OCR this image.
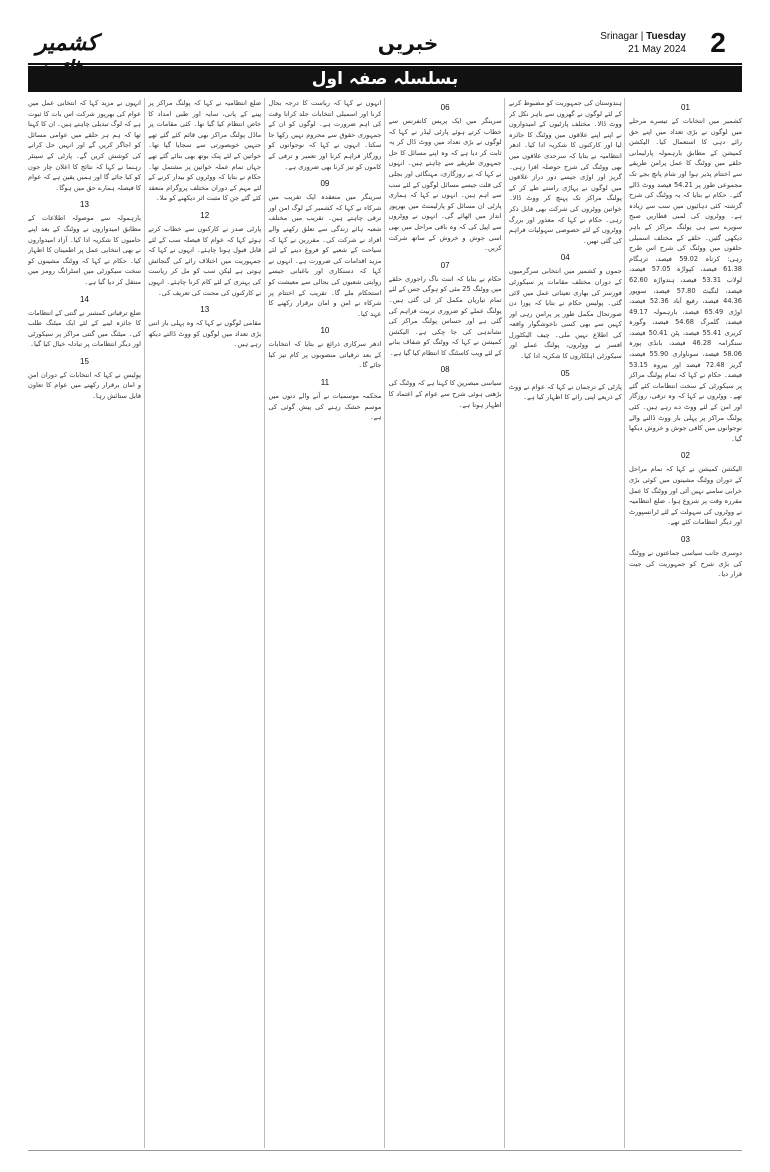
کشمیر	خبریں	Srinagar | Tuesday
21 May 2024 2
بسلسلہ صفہ اول
01

کشمیر میں انتخابات کے تیسرے مرحلے میں لوگوں نے بڑی تعداد میں اپنے حق رائے دہی کا استعمال کیا۔ الیکشن کمیشن کے مطابق بارہمولہ پارلیمانی حلقے میں ووٹنگ کا عمل پرامن طریقے سے اختتام پذیر ہوا اور شام پانچ بجے تک مجموعی طور پر 54.21 فیصد ووٹ ڈالے گئے۔ حکام نے بتایا کہ یہ ووٹنگ کی شرح گزشتہ کئی دہائیوں میں سب سے زیادہ ہے۔ ووٹروں کی لمبی قطاریں صبح سویرے سے ہی پولنگ مراکز کے باہر دیکھی گئیں۔ حلقے کے مختلف اسمبلی حلقوں میں ووٹنگ کی شرح اس طرح رہی: کرناہ 59.02 فیصد، ترہگام 61.38 فیصد، کپواڑہ 57.05 فیصد، لولاب 53.31 فیصد، ہندواڑہ 62.60 فیصد، لنگیٹ 57.80 فیصد، سوپور 44.36 فیصد، رفیع آباد 52.36 فیصد، اوڑی 65.49 فیصد، بارہمولہ 49.17 فیصد، گلمرگ 54.68 فیصد، وگورہ کریری 55.41 فیصد، پٹن 50.41 فیصد، سنگرامہ 46.28 فیصد، بانڈی پورہ 58.06 فیصد، سوناواری 55.90 فیصد، گریز 72.48 فیصد اور بیروہ 53.15 فیصد۔ حکام نے کہا کہ تمام پولنگ مراکز پر سیکورٹی کے سخت انتظامات کئے گئے تھے۔ ووٹروں نے کہا کہ وہ ترقی، روزگار اور امن کے لئے ووٹ دے رہے ہیں۔ کئی پولنگ مراکز پر پہلی بار ووٹ ڈالنے والے نوجوانوں میں کافی جوش و خروش دیکھا گیا۔

02

الیکشن کمیشن نے کہا کہ تمام مراحل کے دوران ووٹنگ مشینوں میں کوئی بڑی خرابی سامنے نہیں آئی اور ووٹنگ کا عمل مقررہ وقت پر شروع ہوا۔ ضلع انتظامیہ نے ووٹروں کی سہولت کے لئے ٹرانسپورٹ اور دیگر انتظامات کئے تھے۔

03

دوسری جانب سیاسی جماعتوں نے ووٹنگ کی بڑی شرح کو جمہوریت کی جیت قرار دیا۔

ہندوستان کی جمہوریت کو مضبوط کرنے کے لئے لوگوں نے گھروں سے باہر نکل کر ووٹ ڈالا۔ مختلف پارٹیوں کے امیدواروں نے اپنے اپنے علاقوں میں ووٹنگ کا جائزہ لیا اور کارکنوں کا شکریہ ادا کیا۔ ادھر انتظامیہ نے بتایا کہ سرحدی علاقوں میں بھی ووٹنگ کی شرح حوصلہ افزا رہی۔ گریز اور اوڑی جیسے دور دراز علاقوں میں لوگوں نے پہاڑی راستے طے کر کے پولنگ مراکز تک پہنچ کر ووٹ ڈالا۔ خواتین ووٹروں کی شرکت بھی قابل ذکر رہی۔ حکام نے کہا کہ معذور اور بزرگ ووٹروں کے لئے خصوصی سہولیات فراہم کی گئی تھیں۔

04

جموں و کشمیر میں انتخابی سرگرمیوں کے دوران مختلف مقامات پر سیکورٹی فورسز کی بھاری تعیناتی عمل میں لائی گئی۔ پولیس حکام نے بتایا کہ پورا دن صورتحال مکمل طور پر پرامن رہی اور کہیں سے بھی کسی ناخوشگوار واقعہ کی اطلاع نہیں ملی۔ چیف الیکٹورل افسر نے ووٹروں، پولنگ عملے اور سیکورٹی اہلکاروں کا شکریہ ادا کیا۔

05

پارٹی کے ترجمان نے کہا کہ عوام نے ووٹ کے ذریعے اپنی رائے کا اظہار کیا ہے۔

06

سرینگر میں ایک پریس کانفرنس سے خطاب کرتے ہوئے پارٹی لیڈر نے کہا کہ لوگوں نے بڑی تعداد میں ووٹ ڈال کر یہ ثابت کر دیا ہے کہ وہ اپنے مسائل کا حل جمہوری طریقے سے چاہتے ہیں۔ انہوں نے کہا کہ بے روزگاری، مہنگائی اور بجلی کی قلت جیسے مسائل لوگوں کے لئے سب سے اہم ہیں۔ انہوں نے کہا کہ ہماری پارٹی ان مسائل کو پارلیمنٹ میں بھرپور انداز میں اٹھائے گی۔ انہوں نے ووٹروں سے اپیل کی کہ وہ باقی مراحل میں بھی اسی جوش و خروش کے ساتھ شرکت کریں۔

07

حکام نے بتایا کہ اننت ناگ راجوری حلقے میں ووٹنگ 25 مئی کو ہوگی جس کے لئے تمام تیاریاں مکمل کر لی گئی ہیں۔ پولنگ عملے کو ضروری تربیت فراہم کی گئی ہے اور حساس پولنگ مراکز کی نشاندہی کی جا چکی ہے۔ الیکشن کمیشن نے کہا کہ ووٹنگ کو شفاف بنانے کے لئے ویب کاسٹنگ کا انتظام کیا گیا ہے۔

08

سیاسی مبصرین کا کہنا ہے کہ ووٹنگ کی بڑھتی ہوئی شرح سے عوام کے اعتماد کا اظہار ہوتا ہے۔

انہوں نے کہا کہ ریاست کا درجہ بحال کرنا اور اسمبلی انتخابات جلد کرانا وقت کی اہم ضرورت ہے۔ لوگوں کو ان کے جمہوری حقوق سے محروم نہیں رکھا جا سکتا۔ انہوں نے کہا کہ نوجوانوں کو روزگار فراہم کرنا اور تعمیر و ترقی کے کاموں کو تیز کرنا بھی ضروری ہے۔

09

سرینگر میں منعقدہ ایک تقریب میں شرکاء نے کہا کہ کشمیر کے لوگ امن اور ترقی چاہتے ہیں۔ تقریب میں مختلف شعبہ ہائے زندگی سے تعلق رکھنے والے افراد نے شرکت کی۔ مقررین نے کہا کہ سیاحت کے شعبے کو فروغ دینے کے لئے مزید اقدامات کی ضرورت ہے۔ انہوں نے کہا کہ دستکاری اور باغبانی جیسے روایتی شعبوں کی بحالی سے معیشت کو استحکام ملے گا۔ تقریب کے اختتام پر شرکاء نے امن و امان برقرار رکھنے کا عہد کیا۔

10

ادھر سرکاری ذرائع نے بتایا کہ انتخابات کے بعد ترقیاتی منصوبوں پر کام تیز کیا جائے گا۔

11

محکمہ موسمیات نے آنے والے دنوں میں موسم خشک رہنے کی پیش گوئی کی ہے۔

ضلع انتظامیہ نے کہا کہ پولنگ مراکز پر پینے کے پانی، سایہ اور طبی امداد کا خاص انتظام کیا گیا تھا۔ کئی مقامات پر ماڈل پولنگ مراکز بھی قائم کئے گئے تھے جنہیں خوبصورتی سے سجایا گیا تھا۔ خواتین کے لئے پنک بوتھ بھی بنائے گئے تھے جہاں تمام عملہ خواتین پر مشتمل تھا۔ حکام نے بتایا کہ ووٹروں کو بیدار کرنے کے لئے مہم کے دوران مختلف پروگرام منعقد کئے گئے جن کا مثبت اثر دیکھنے کو ملا۔

12

پارٹی صدر نے کارکنوں سے خطاب کرتے ہوئے کہا کہ عوام کا فیصلہ سب کے لئے قابل قبول ہونا چاہئے۔ انہوں نے کہا کہ جمہوریت میں اختلاف رائے کی گنجائش ہوتی ہے لیکن سب کو مل کر ریاست کی بہتری کے لئے کام کرنا چاہئے۔ انہوں نے کارکنوں کی محنت کی تعریف کی۔

13

مقامی لوگوں نے کہا کہ وہ پہلی بار اتنی بڑی تعداد میں لوگوں کو ووٹ ڈالتے دیکھ رہے ہیں۔

انہوں نے مزید کہا کہ انتخابی عمل میں عوام کی بھرپور شرکت اس بات کا ثبوت ہے کہ لوگ تبدیلی چاہتے ہیں۔ ان کا کہنا تھا کہ ہم ہر حلقے میں عوامی مسائل کو اجاگر کریں گے اور انہیں حل کرانے کی کوشش کریں گے۔ پارٹی کے سینئر رہنما نے کہا کہ نتائج کا اعلان چار جون کو کیا جائے گا اور ہمیں یقین ہے کہ عوام کا فیصلہ ہمارے حق میں ہوگا۔

13

بارہمولہ سے موصولہ اطلاعات کے مطابق امیدواروں نے ووٹنگ کے بعد اپنے حامیوں کا شکریہ ادا کیا۔ آزاد امیدواروں نے بھی انتخابی عمل پر اطمینان کا اظہار کیا۔ حکام نے کہا کہ ووٹنگ مشینوں کو سخت سیکورٹی میں اسٹرانگ رومز میں منتقل کر دیا گیا ہے۔

14

ضلع ترقیاتی کمشنر نے گنتی کے انتظامات کا جائزہ لینے کے لئے ایک میٹنگ طلب کی۔ میٹنگ میں گنتی مراکز پر سیکورٹی اور دیگر انتظامات پر تبادلہ خیال کیا گیا۔

15

پولیس نے کہا کہ انتخابات کے دوران امن و امان برقرار رکھنے میں عوام کا تعاون قابل ستائش رہا۔
